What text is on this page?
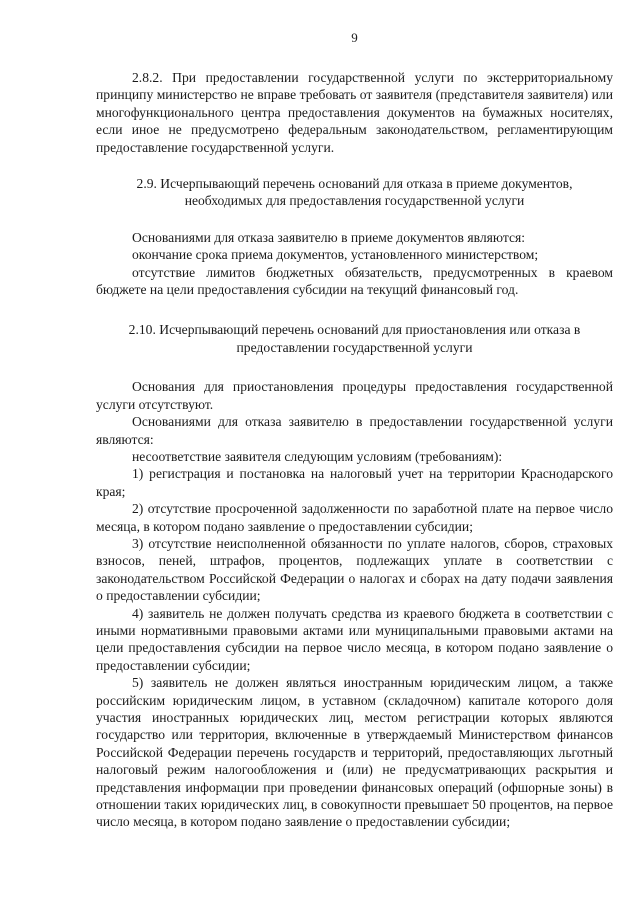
9

2.8.2. При предоставлении государственной услуги по экстерриториальному принципу министерство не вправе требовать от заявителя (представителя заявителя) или многофункционального центра предоставления документов на бумажных носителях, если иное не предусмотрено федеральным законодательством, регламентирующим предоставление государственной услуги.

2.9. Исчерпывающий перечень оснований для отказа в приеме документов, необходимых для предоставления государственной услуги

Основаниями для отказа заявителю в приеме документов являются:

окончание срока приема документов, установленного министерством;

отсутствие лимитов бюджетных обязательств, предусмотренных в краевом бюджете на цели предоставления субсидии на текущий финансовый год.

2.10. Исчерпывающий перечень оснований для приостановления или отказа в предоставлении государственной услуги

Основания для приостановления процедуры предоставления государственной услуги отсутствуют.

Основаниями для отказа заявителю в предоставлении государственной услуги являются:

несоответствие заявителя следующим условиям (требованиям):

1) регистрация и постановка на налоговый учет на территории Краснодарского края;

2) отсутствие просроченной задолженности по заработной плате на первое число месяца, в котором подано заявление о предоставлении субсидии;

3) отсутствие неисполненной обязанности по уплате налогов, сборов, страховых взносов, пеней, штрафов, процентов, подлежащих уплате в соответствии с законодательством Российской Федерации о налогах и сборах на дату подачи заявления о предоставлении субсидии;

4) заявитель не должен получать средства из краевого бюджета в соответствии с иными нормативными правовыми актами или муниципальными правовыми актами на цели предоставления субсидии на первое число месяца, в котором подано заявление о предоставлении субсидии;

5) заявитель не должен являться иностранным юридическим лицом, а также российским юридическим лицом, в уставном (складочном) капитале которого доля участия иностранных юридических лиц, местом регистрации которых являются государство или территория, включенные в утверждаемый Министерством финансов Российской Федерации перечень государств и территорий, предоставляющих льготный налоговый режим налогообложения и (или) не предусматривающих раскрытия и представления информации при проведении финансовых операций (офшорные зоны) в отношении таких юридических лиц, в совокупности превышает 50 процентов, на первое число месяца, в котором подано заявление о предоставлении субсидии;
